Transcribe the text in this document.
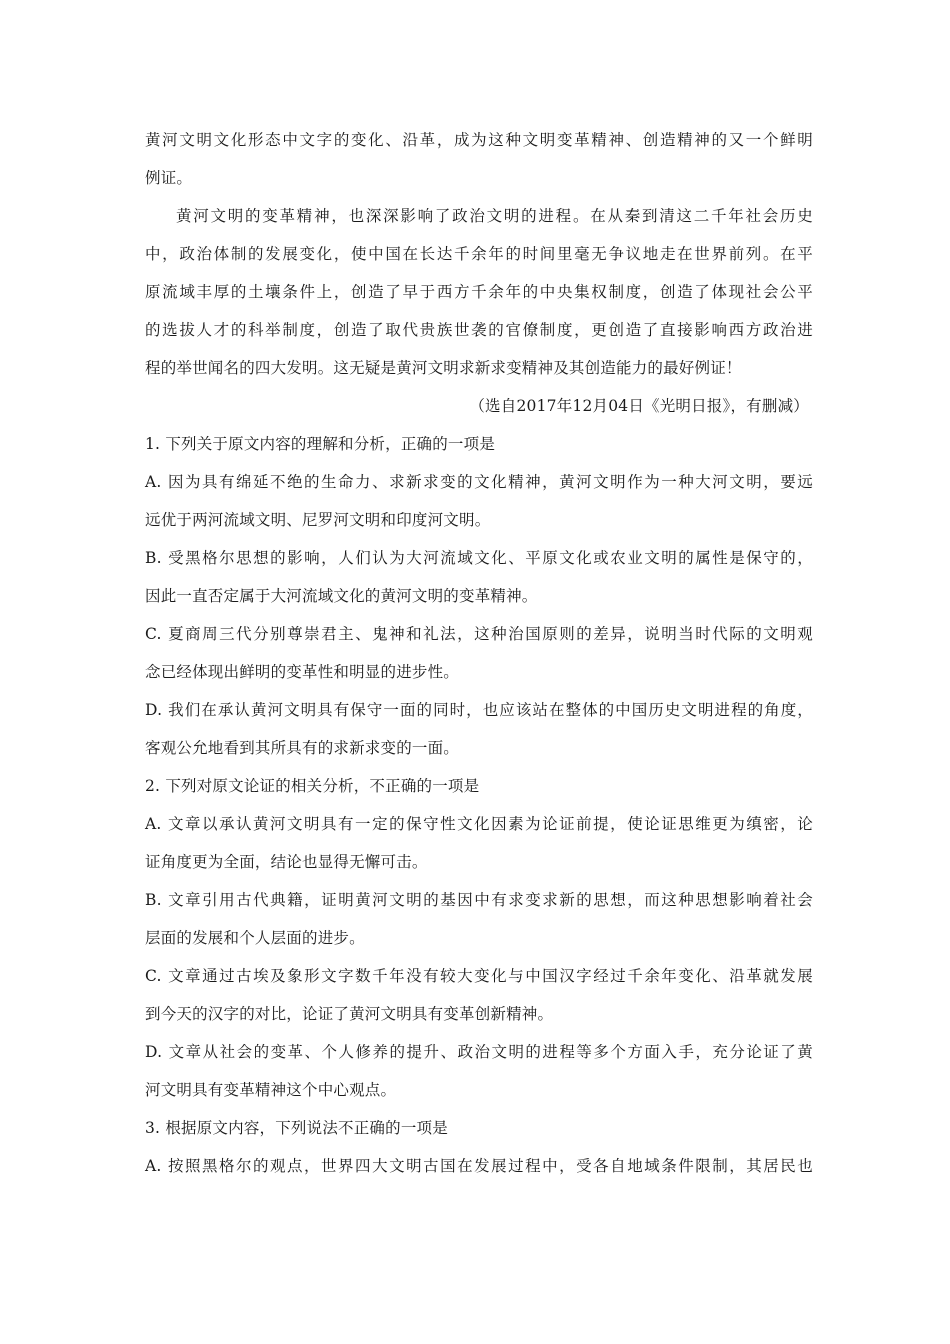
黄河文明文化形态中文字的变化、沿革，成为这种文明变革精神、创造精神的又一个鲜明
例证。
黄河文明的变革精神，也深深影响了政治文明的进程。在从秦到清这二千年社会历史
中，政治体制的发展变化，使中国在长达千余年的时间里毫无争议地走在世界前列。在平
原流域丰厚的土壤条件上，创造了早于西方千余年的中央集权制度，创造了体现社会公平
的选拔人才的科举制度，创造了取代贵族世袭的官僚制度，更创造了直接影响西方政治进
程的举世闻名的四大发明。这无疑是黄河文明求新求变精神及其创造能力的最好例证！
（选自2017年12月04日《光明日报》，有删减）
1. 下列关于原文内容的理解和分析，正确的一项是
A. 因为具有绵延不绝的生命力、求新求变的文化精神，黄河文明作为一种大河文明，要远
远优于两河流域文明、尼罗河文明和印度河文明。
B. 受黑格尔思想的影响，人们认为大河流域文化、平原文化或农业文明的属性是保守的，
因此一直否定属于大河流域文化的黄河文明的变革精神。
C. 夏商周三代分别尊崇君主、鬼神和礼法，这种治国原则的差异，说明当时代际的文明观
念已经体现出鲜明的变革性和明显的进步性。
D. 我们在承认黄河文明具有保守一面的同时，也应该站在整体的中国历史文明进程的角度，
客观公允地看到其所具有的求新求变的一面。
2. 下列对原文论证的相关分析，不正确的一项是
A. 文章以承认黄河文明具有一定的保守性文化因素为论证前提，使论证思维更为缜密，论
证角度更为全面，结论也显得无懈可击。
B. 文章引用古代典籍，证明黄河文明的基因中有求变求新的思想，而这种思想影响着社会
层面的发展和个人层面的进步。
C. 文章通过古埃及象形文字数千年没有较大变化与中国汉字经过千余年变化、沿革就发展
到今天的汉字的对比，论证了黄河文明具有变革创新精神。
D. 文章从社会的变革、个人修养的提升、政治文明的进程等多个方面入手，充分论证了黄
河文明具有变革精神这个中心观点。
3. 根据原文内容，下列说法不正确的一项是
A. 按照黑格尔的观点，世界四大文明古国在发展过程中，受各自地域条件限制，其居民也
